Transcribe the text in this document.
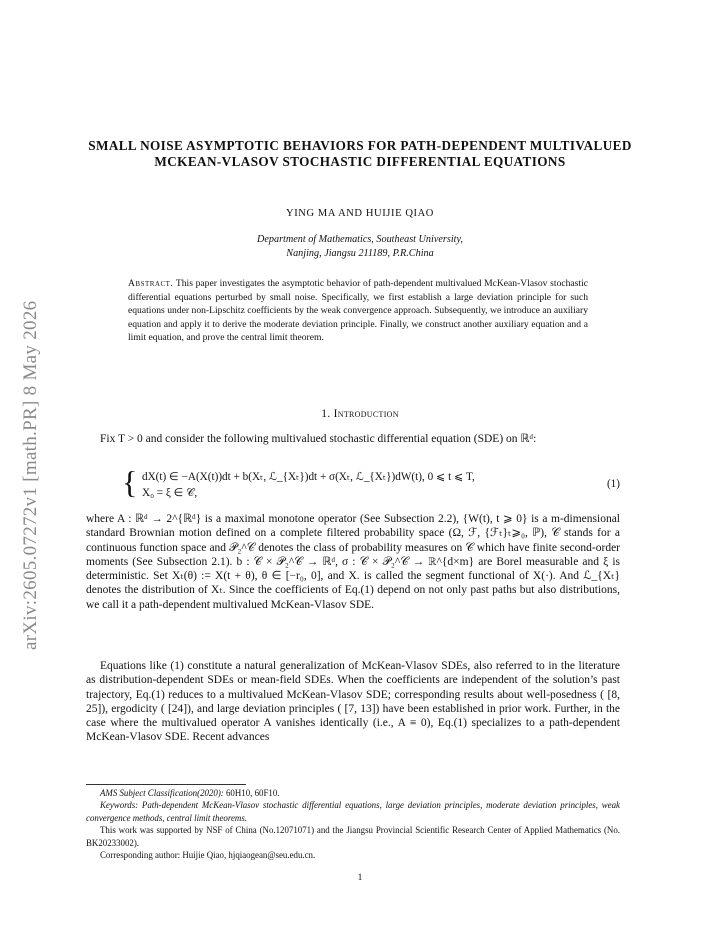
arXiv:2605.07272v1 [math.PR] 8 May 2026
SMALL NOISE ASYMPTOTIC BEHAVIORS FOR PATH-DEPENDENT MULTIVALUED MCKEAN-VLASOV STOCHASTIC DIFFERENTIAL EQUATIONS
YING MA AND HUIJIE QIAO
Department of Mathematics, Southeast University,
Nanjing, Jiangsu 211189, P.R.China
Abstract. This paper investigates the asymptotic behavior of path-dependent multivalued McKean-Vlasov stochastic differential equations perturbed by small noise. Specifically, we first establish a large deviation principle for such equations under non-Lipschitz coefficients by the weak convergence approach. Subsequently, we introduce an auxiliary equation and apply it to derive the moderate deviation principle. Finally, we construct another auxiliary equation and a limit equation, and prove the central limit theorem.
1. Introduction
Fix T > 0 and consider the following multivalued stochastic differential equation (SDE) on ℝᵈ:
{ dX(t) ∈ −A(X(t))dt + b(Xₜ, ℒ_{Xₜ})dt + σ(Xₜ, ℒ_{Xₜ})dW(t), 0 ⩽ t ⩽ T,
X₀ = ξ ∈ 𝒞,
(1)
where A : ℝᵈ → 2^{ℝᵈ} is a maximal monotone operator (See Subsection 2.2), {W(t), t ⩾ 0} is a m-dimensional standard Brownian motion defined on a complete filtered probability space (Ω, ℱ, {ℱₜ}ₜ⩾₀, ℙ), 𝒞 stands for a continuous function space and 𝒫₂^𝒞 denotes the class of probability measures on 𝒞 which have finite second-order moments (See Subsection 2.1). b : 𝒞 × 𝒫₂^𝒞 → ℝᵈ, σ : 𝒞 × 𝒫₂^𝒞 → ℝ^{d×m} are Borel measurable and ξ is deterministic. Set Xₜ(θ) := X(t + θ), θ ∈ [−r₀, 0], and X. is called the segment functional of X(·). And ℒ_{Xₜ} denotes the distribution of Xₜ. Since the coefficients of Eq.(1) depend on not only past paths but also distributions, we call it a path-dependent multivalued McKean-Vlasov SDE.
Equations like (1) constitute a natural generalization of McKean-Vlasov SDEs, also referred to in the literature as distribution-dependent SDEs or mean-field SDEs. When the coefficients are independent of the solution’s past trajectory, Eq.(1) reduces to a multivalued McKean-Vlasov SDE; corresponding results about well-posedness ( [8, 25]), ergodicity ( [24]), and large deviation principles ( [7, 13]) have been established in prior work. Further, in the case where the multivalued operator A vanishes identically (i.e., A ≡ 0), Eq.(1) specializes to a path-dependent McKean-Vlasov SDE. Recent advances
AMS Subject Classification(2020): 60H10, 60F10.
Keywords: Path-dependent McKean-Vlasov stochastic differential equations, large deviation principles, moderate deviation principles, weak convergence methods, central limit theorems.
This work was supported by NSF of China (No.12071071) and the Jiangsu Provincial Scientific Research Center of Applied Mathematics (No. BK20233002).
Corresponding author: Huijie Qiao, hjqiaogean@seu.edu.cn.
1
